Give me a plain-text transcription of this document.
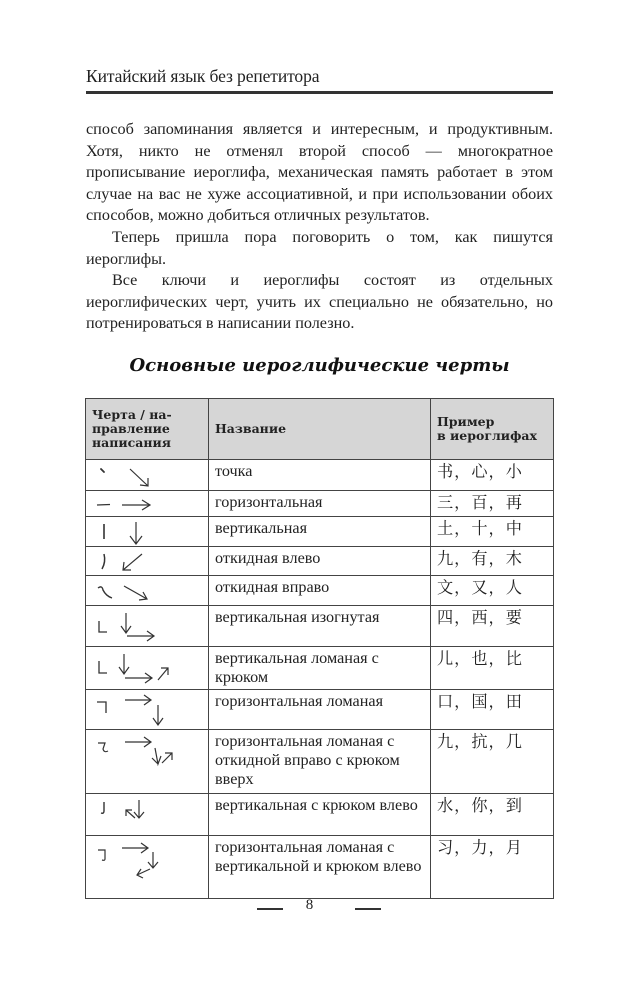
Китайский язык без репетитора

способ запоминания является и интересным, и продуктивным. Хотя, никто не отменял второй способ — многократное прописывание иероглифа, механическая память работает в этом случае на вас не хуже ассоциативной, и при использовании обоих способов, можно добиться отличных результатов.

Теперь пришла пора поговорить о том, как пишутся иероглифы.

Все ключи и иероглифы состоят из отдельных иероглифических черт, учить их специально не обязательно, но потренироваться в написании полезно.

Основные иероглифические черты
Черта / на-
правление
написания
	Название	Пример
в иероглифах

	точка	书，心，小

	горизонтальная	三，百，再

	вертикальная	土，十，中

	откидная влево	九，有，木

	откидная вправо	文，又，人

	вертикальная изогнутая	四，西，要

	вертикальная ломаная с крюком	儿，也，比

	горизонтальная ломаная	口，国，田

	горизонтальная ломаная с откидной вправо с крюком вверх	九，抗，几

	вертикальная с крюком влево	水，你，到

	горизонтальная ломаная с вертикальной и крюком влево	习，力，月
8
